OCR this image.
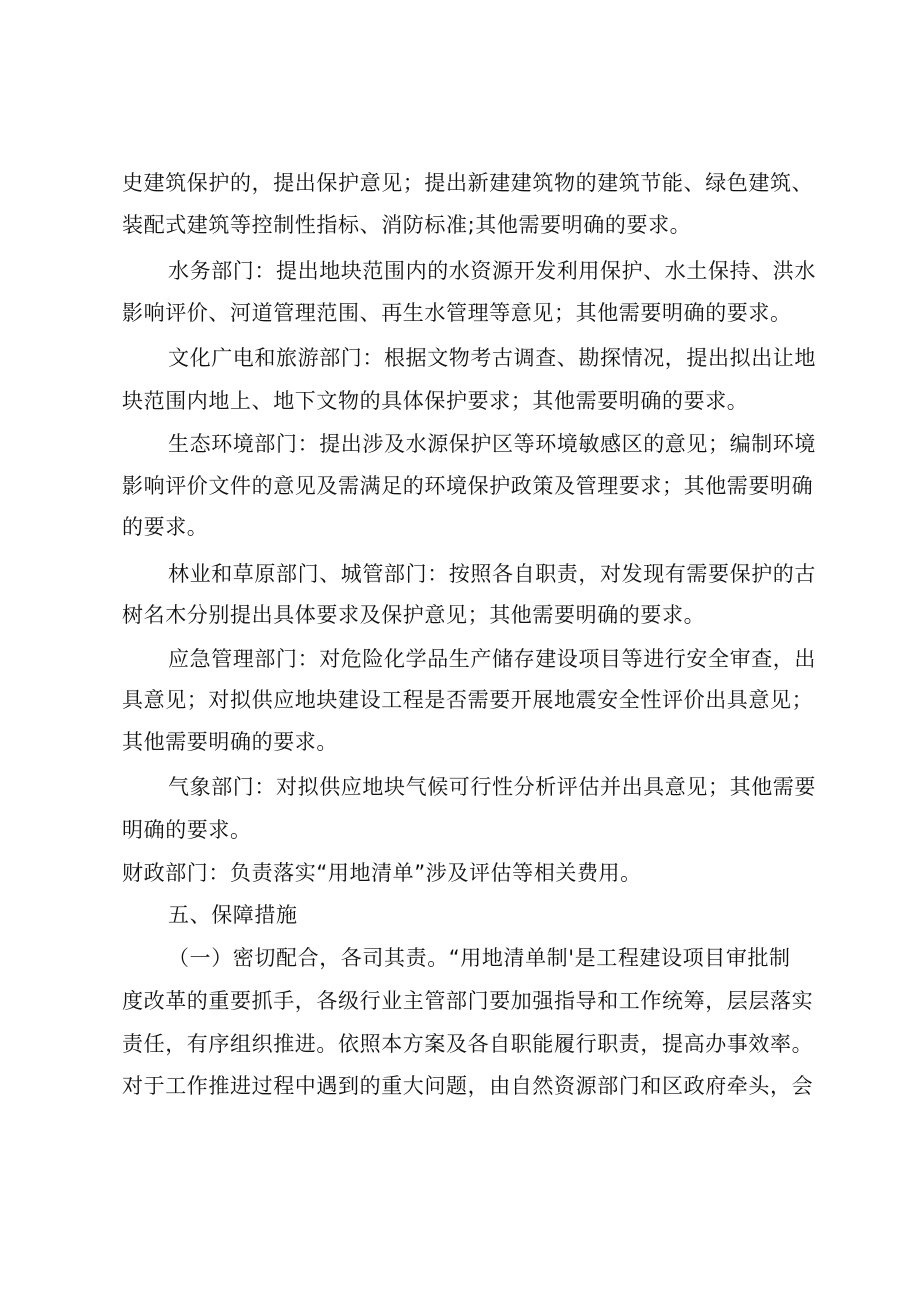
史建筑保护的，提出保护意见；提出新建建筑物的建筑节能、绿色建筑、
装配式建筑等控制性指标、消防标准;其他需要明确的要求。
水务部门：提出地块范围内的水资源开发利用保护、水土保持、洪水
影响评价、河道管理范围、再生水管理等意见；其他需要明确的要求。
文化广电和旅游部门：根据文物考古调查、勘探情况，提出拟出让地
块范围内地上、地下文物的具体保护要求；其他需要明确的要求。
生态环境部门：提出涉及水源保护区等环境敏感区的意见；编制环境
影响评价文件的意见及需满足的环境保护政策及管理要求；其他需要明确
的要求。
林业和草原部门、城管部门：按照各自职责，对发现有需要保护的古
树名木分别提出具体要求及保护意见；其他需要明确的要求。
应急管理部门：对危险化学品生产储存建设项目等进行安全审查，出
具意见；对拟供应地块建设工程是否需要开展地震安全性评价出具意见；
其他需要明确的要求。
气象部门：对拟供应地块气候可行性分析评估并出具意见；其他需要
明确的要求。
财政部门：负责落实“用地清单”涉及评估等相关费用。
五、保障措施
（一）密切配合，各司其责。“用地清单制'是工程建设项目审批制
度改革的重要抓手，各级行业主管部门要加强指导和工作统筹，层层落实
责任，有序组织推进。依照本方案及各自职能履行职责，提高办事效率。
对于工作推进过程中遇到的重大问题，由自然资源部门和区政府牵头，会
